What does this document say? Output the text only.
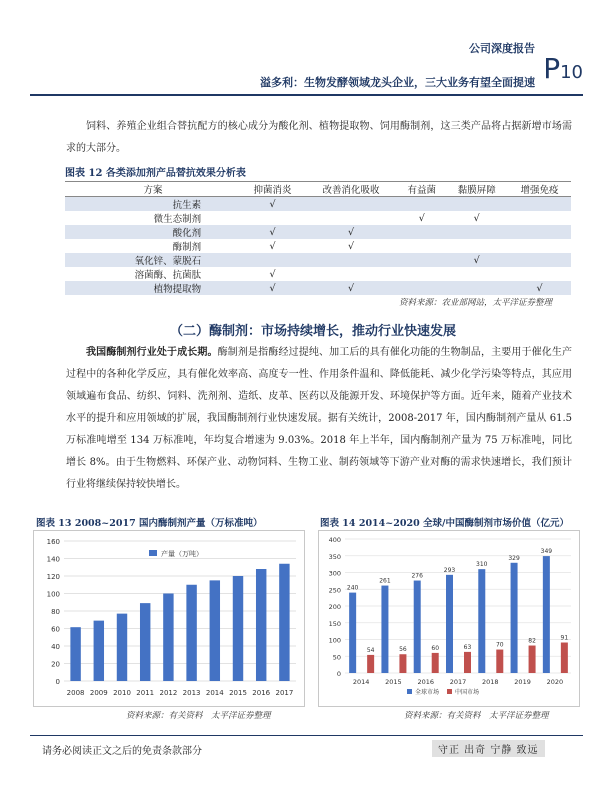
公司深度报告
溢多利：生物发酵领域龙头企业，三大业务有望全面提速 P10
饲料、养殖企业组合替抗配方的核心成分为酸化剂、植物提取物、饲用酶制剂，这三类产品将占据新增市场需求的大部分。
图表 12 各类添加剂产品替抗效果分析表
方案	抑菌消炎	改善消化吸收	有益菌	黏膜屏障	增强免疫
抗生素	√				
微生态制剂			√	√	
酸化剂	√	√			
酶制剂	√	√			
氧化锌、蒙脱石				√	
溶菌酶、抗菌肽	√				
植物提取物	√	√			√
资料来源：农业部网站，太平洋证券整理
（二）酶制剂：市场持续增长，推动行业快速发展
我国酶制剂行业处于成长期。酶制剂是指酶经过提纯、加工后的具有催化功能的生物制品，主要用于催化生产过程中的各种化学反应，具有催化效率高、高度专一性、作用条件温和、降低能耗、减少化学污染等特点，其应用领域遍布食品、纺织、饲料、洗剂剂、造纸、皮革、医药以及能源开发、环境保护等方面。近年来，随着产业技术水平的提升和应用领域的扩展，我国酶制剂行业快速发展。据有关统计，2008-2017 年，国内酶制剂产量从 61.5 万标准吨增至 134 万标准吨，年均复合增速为 9.03%。2018 年上半年，国内酶制剂产量为 75 万标准吨，同比增长 8%。由于生物燃料、环保产业、动物饲料、生物工业、制药领域等下游产业对酶的需求快速增长，我们预计行业将继续保持较快增长。
图表 13 2008~2017 国内酶制剂产量（万标准吨）
0
20
40
60
80
100
120
140
160
2008 2009 2010 2011 2012 2013 2014 2015 2016 2017
产量（万吨）
资料来源：有关资料　太平洋证券整理
图表 14 2014~2020 全球/中国酶制剂市场价值（亿元）
0
50
100
150
200
250
300
350
400
240
54
2014
261
56
2015
276
60
2016
293
63
2017
310
70
2018
329
82
2019
349
91
2020
全球市场	中国市场
资料来源：有关资料　太平洋证券整理
请务必阅读正文之后的免责条款部分	守正 出奇 宁静 致远
